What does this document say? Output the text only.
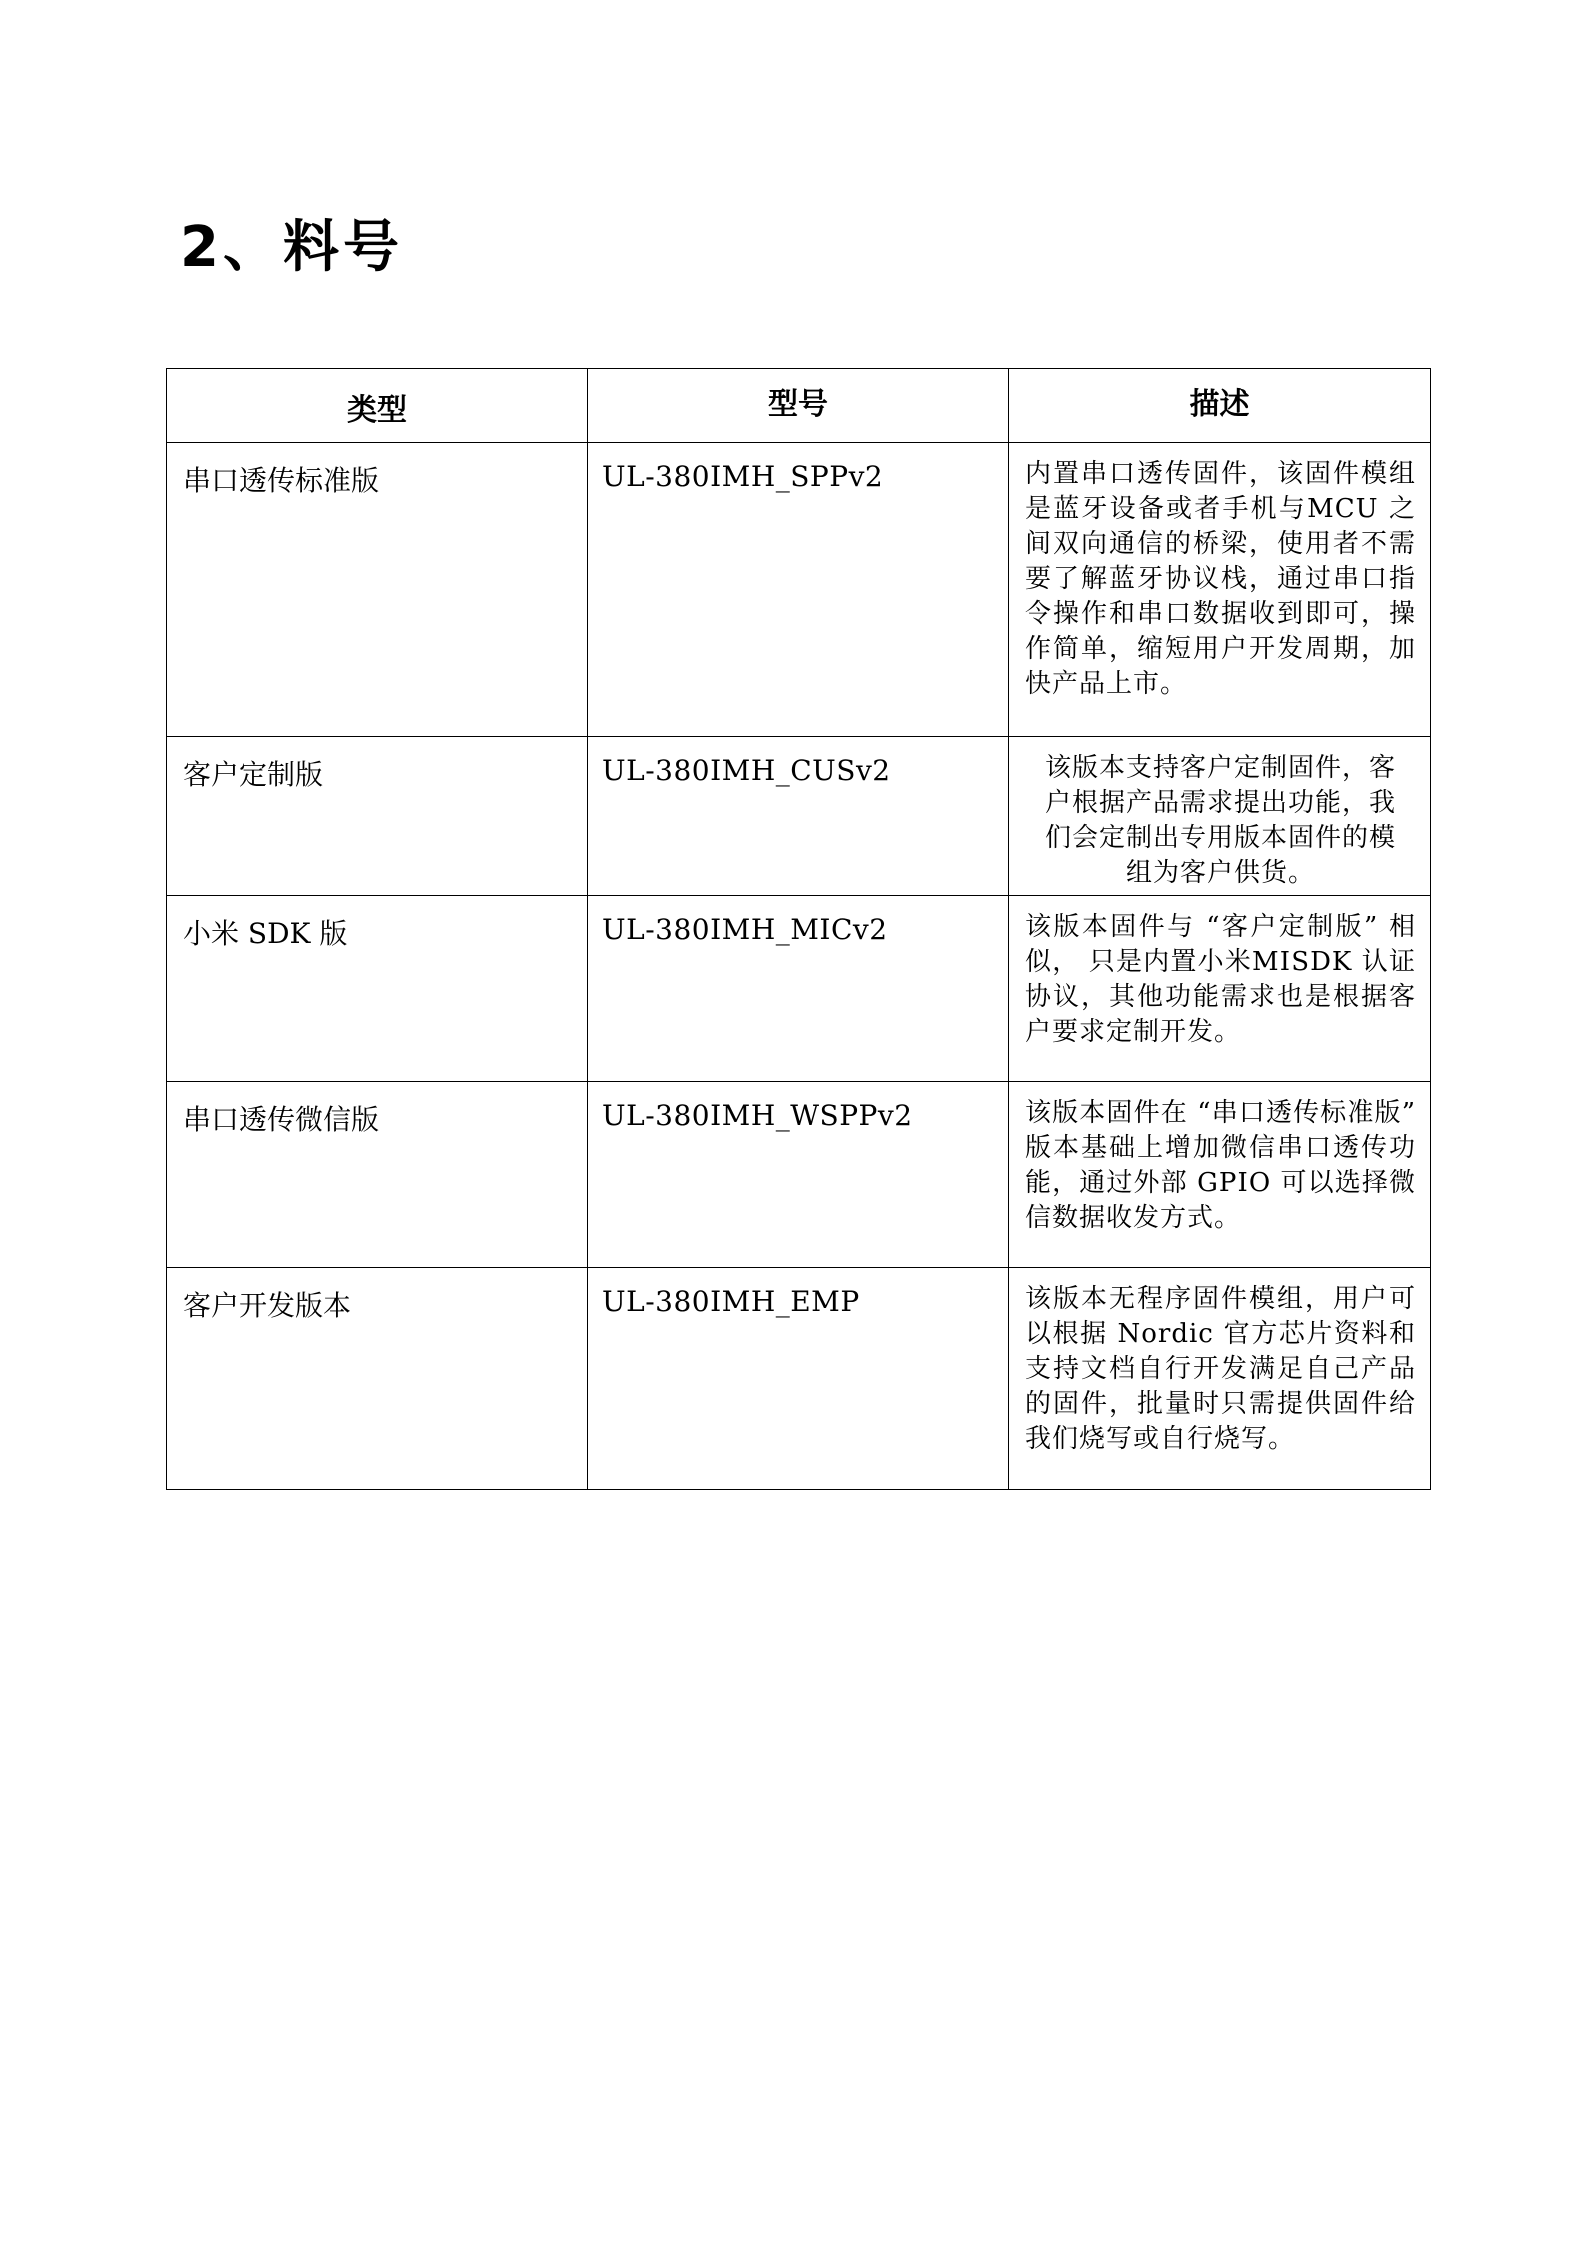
2、料号
类型	型号	描述

串口透传标准版	UL-380ⅠMH_SPPv2	内置串口透传固件，该固件模组是蓝牙设备或者手机与MCU 之间双向通信的桥梁，使用者不需要了解蓝牙协议栈，通过串口指令操作和串口数据收到即可，操作简单，缩短用户开发周期，加快产品上市。

客户定制版	UL-380ⅠMH_CUSv2	该版本支持客户定制固件，客户根据产品需求提出功能，我们会定制出专用版本固件的模组为客户供货。

小米 SDK 版	UL-380ⅠMH_MⅠCv2	该版本固件与 “客户定制版” 相似， 只是内置小米MⅠSDK 认证协议，其他功能需求也是根据客户要求定制开发。

串口透传微信版	UL-380ⅠMH_WSPPv2	该版本固件在 “串口透传标准版” 版本基础上增加微信串口透传功能，通过外部 GPⅠO 可以选择微信数据收发方式。

客户开发版本	UL-380ⅠMH_EMP	该版本无程序固件模组，用户可以根据 Nordic 官方芯片资料和支持文档自行开发满足自己产品的固件，批量时只需提供固件给我们烧写或自行烧写。
